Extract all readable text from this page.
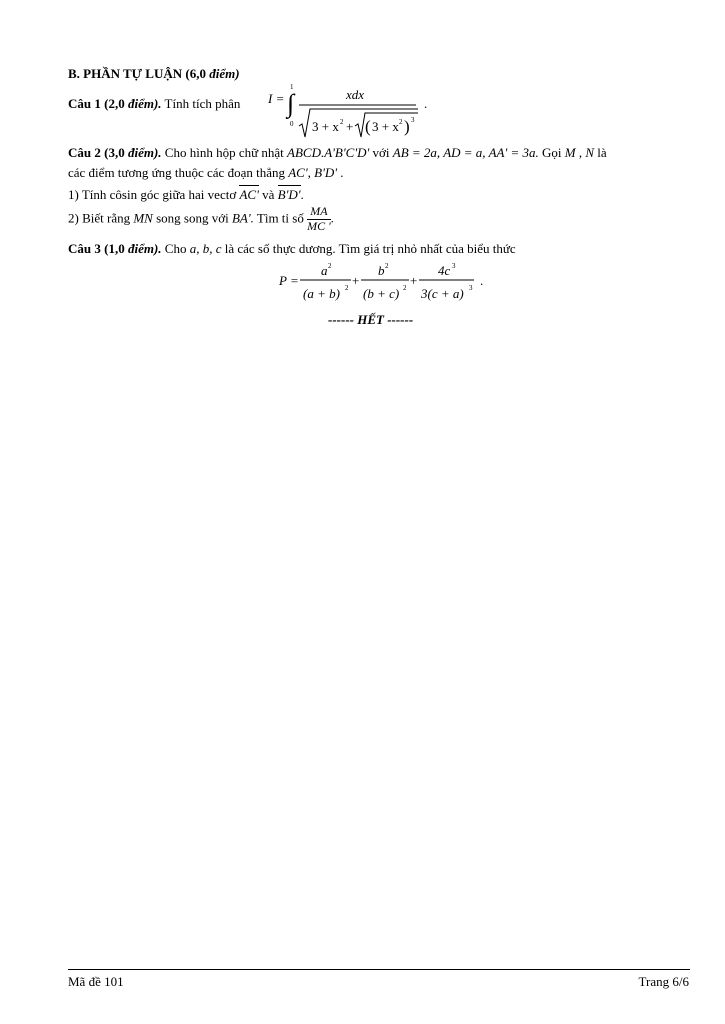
B. PHẦN TỰ LUẬN (6,0 điểm)
Câu 1 (2,0 điểm). Tính tích phân I = ∫
1
0
xdx
3 + x 2 + ( 3 + x 2 ) 3
.
Câu 2 (3,0 điểm). Cho hình hộp chữ nhật ABCD.A'B'C'D' với AB = 2a, AD = a, AA' = 3a. Gọi M , N là
các điểm tương ứng thuộc các đoạn thẳng AC', B'D' .
1) Tính côsin góc giữa hai vectơ
AC' và
B'D'.
2) Biết rằng MN song song với BA'. Tìm tỉ số $\frac{MA}{MC '}$ .
Câu 3 (1,0 điểm). Cho a, b, c là các số thực dương. Tìm giá trị nhỏ nhất của biểu thức
P =
a 2
(a + b) 2 +
b 2
(b + c) 2 +
4c 3
3(c + a) 3 .
------ HẾT ------
Mã đề 101	Trang 6/6
